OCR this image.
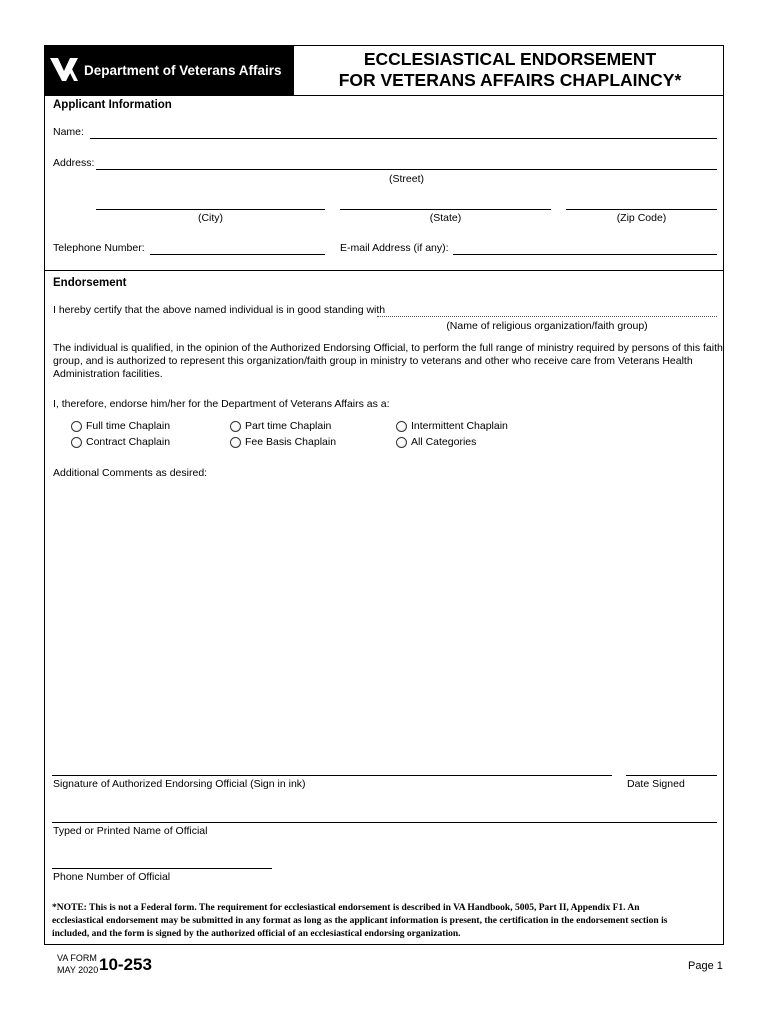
Department of Veterans Affairs
ECCLESIASTICAL ENDORSEMENT
FOR VETERANS AFFAIRS CHAPLAINCY*
Applicant Information
Name:
Address:
(Street)
(City)	(State)	(Zip Code)
Telephone Number:	E-mail Address (if any):
Endorsement
I hereby certify that the above named individual is in good standing with
(Name of religious organization/faith group)
The individual is qualified, in the opinion of the Authorized Endorsing Official, to perform the full range of ministry required by persons of this faith
group, and is authorized to represent this organization/faith group in ministry to veterans and other who receive care from Veterans Health
Administration facilities.
I, therefore, endorse him/her for the Department of Veterans Affairs as a:
Full time Chaplain	Part time Chaplain	Intermittent Chaplain
Contract Chaplain	Fee Basis Chaplain	All Categories
Additional Comments as desired:
Signature of Authorized Endorsing Official (Sign in ink)	Date Signed
Typed or Printed Name of Official
Phone Number of Official
*NOTE: This is not a Federal form. The requirement for ecclesiastical endorsement is described in VA Handbook, 5005, Part II, Appendix F1. An
ecclesiastical endorsement may be submitted in any format as long as the applicant information is present, the certification in the endorsement section is
included, and the form is signed by the authorized official of an ecclesiastical endorsing organization.
VA FORM
MAY 2020 10-253	Page 1
